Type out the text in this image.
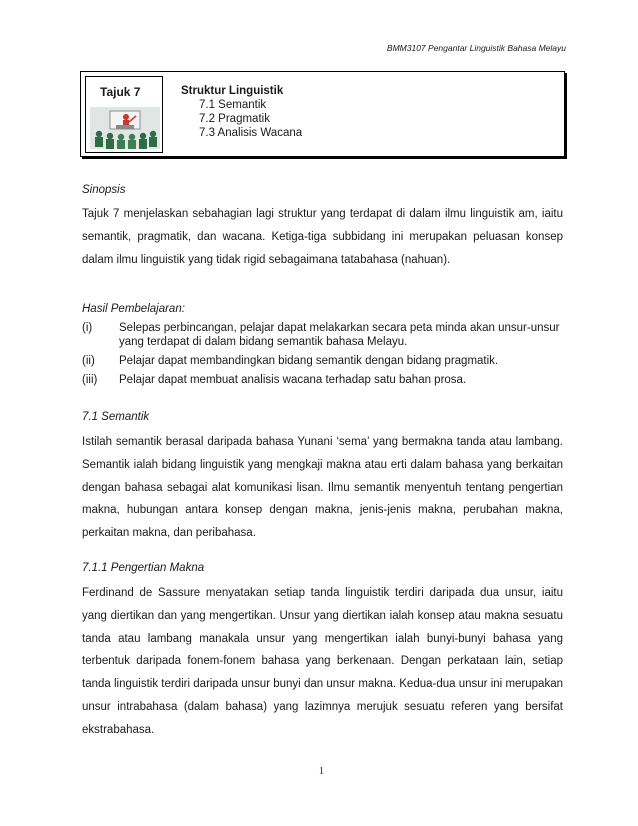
BMM3107 Pengantar Linguistik Bahasa Melayu
Tajuk 7	Struktur Linguistik
7.1 Semantik
7.2 Pragmatik
7.3 Analisis Wacana
Sinopsis
Tajuk 7 menjelaskan sebahagian lagi struktur yang terdapat di dalam ilmu linguistik am, iaitu semantik, pragmatik, dan wacana. Ketiga-tiga subbidang ini merupakan peluasan konsep dalam ilmu linguistik yang tidak rigid sebagaimana tatabahasa (nahuan).
Hasil Pembelajaran:
(i) Selepas perbincangan, pelajar dapat melakarkan secara peta minda akan unsur-unsur yang terdapat di dalam bidang semantik bahasa Melayu.
(ii) Pelajar dapat membandingkan bidang semantik dengan bidang pragmatik.
(iii) Pelajar dapat membuat analisis wacana terhadap satu bahan prosa.
7.1 Semantik
Istilah semantik berasal daripada bahasa Yunani ‘sema’ yang bermakna tanda atau lambang. Semantik ialah bidang linguistik yang mengkaji makna atau erti dalam bahasa yang berkaitan dengan bahasa sebagai alat komunikasi lisan. Ilmu semantik menyentuh tentang pengertian makna, hubungan antara konsep dengan makna, jenis-jenis makna, perubahan makna, perkaitan makna, dan peribahasa.
7.1.1 Pengertian Makna
Ferdinand de Sassure menyatakan setiap tanda linguistik terdiri daripada dua unsur, iaitu yang diertikan dan yang mengertikan. Unsur yang diertikan ialah konsep atau makna sesuatu tanda atau lambang manakala unsur yang mengertikan ialah bunyi-bunyi bahasa yang terbentuk daripada fonem-fonem bahasa yang berkenaan. Dengan perkataan lain, setiap tanda linguistik terdiri daripada unsur bunyi dan unsur makna. Kedua-dua unsur ini merupakan unsur intrabahasa (dalam bahasa) yang lazimnya merujuk sesuatu referen yang bersifat ekstrabahasa.
1
